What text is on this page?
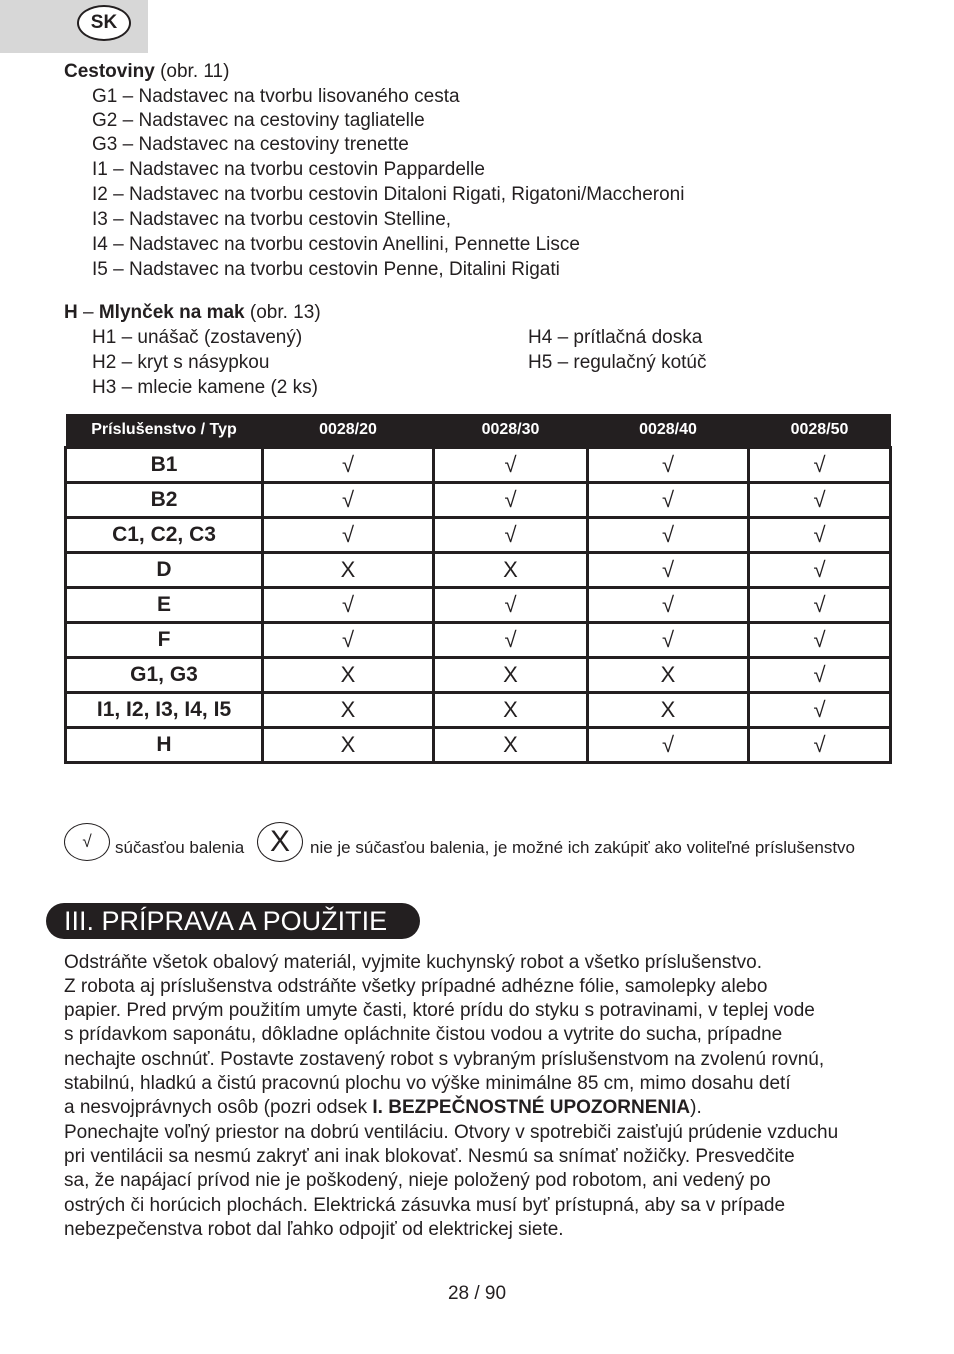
SK
Cestoviny (obr. 11)
G1 – Nadstavec na tvorbu lisovaného cesta
G2 – Nadstavec na cestoviny tagliatelle
G3 – Nadstavec na cestoviny trenette
I1 – Nadstavec na tvorbu cestovin Pappardelle
I2 – Nadstavec na tvorbu cestovin Ditaloni Rigati, Rigatoni/Maccheroni
I3 – Nadstavec na tvorbu cestovin Stelline,
I4 – Nadstavec na tvorbu cestovin Anellini, Pennette Lisce
I5 – Nadstavec na tvorbu cestovin Penne, Ditalini Rigati
H – Mlynček na mak (obr. 13)
H1 – unášač (zostavený)
H2 – kryt s násypkou
H3 – mlecie kamene (2 ks)
H4 – prítlačná doska
H5 – regulačný kotúč
Príslušenstvo / Typ	0028/20	0028/30	0028/40	0028/50
B1	√	√	√	√
B2	√	√	√	√
C1, C2, C3	√	√	√	√
D	X	X	√	√
E	√	√	√	√
F	√	√	√	√
G1, G3	X	X	X	√
I1, I2, I3, I4, I5	X	X	X	√
H	X	X	√	√
√	súčasťou balenia X	nie je súčasťou balenia, je možné ich zakúpiť ako voliteľné príslušenstvo
III. PRÍPRAVA A POUŽITIE
Odstráňte všetok obalový materiál, vyjmite kuchynský robot a všetko príslušenstvo.
Z robota aj príslušenstva odstráňte všetky prípadné adhézne fólie, samolepky alebo
papier. Pred prvým použitím umyte časti, ktoré prídu do styku s potravinami, v teplej vode
s prídavkom saponátu, dôkladne opláchnite čistou vodou a vytrite do sucha, prípadne
nechajte oschnúť. Postavte zostavený robot s vybraným príslušenstvom na zvolenú rovnú,
stabilnú, hladkú a čistú pracovnú plochu vo výške minimálne 85 cm, mimo dosahu detí
a nesvojprávnych osôb (pozri odsek I. BEZPEČNOSTNÉ UPOZORNENIA).
Ponechajte voľný priestor na dobrú ventiláciu. Otvory v spotrebiči zaisťujú prúdenie vzduchu
pri ventilácii sa nesmú zakryť ani inak blokovať. Nesmú sa snímať nožičky. Presvedčite
sa, že napájací prívod nie je poškodený, nieje položený pod robotom, ani vedený po
ostrých či horúcich plochách. Elektrická zásuvka musí byť prístupná, aby sa v prípade
nebezpečenstva robot dal ľahko odpojiť od elektrickej siete.
28 / 90
